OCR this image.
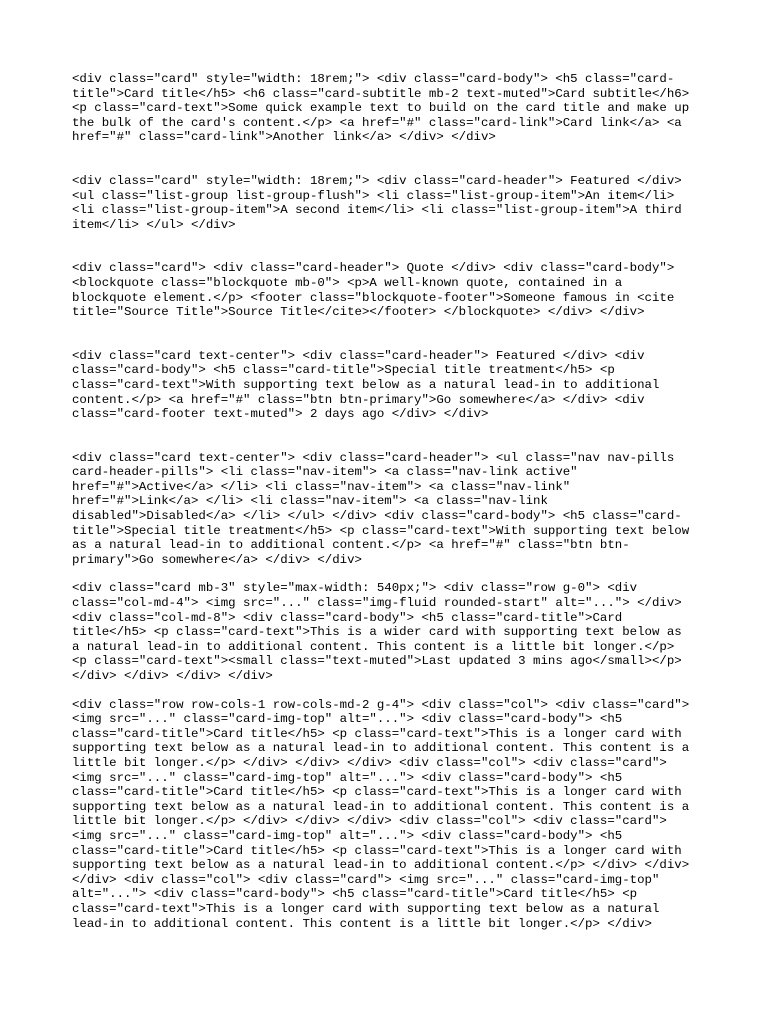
<div class="card" style="width: 18rem;"> <div class="card-body"> <h5 class="card-
title">Card title</h5> <h6 class="card-subtitle mb-2 text-muted">Card subtitle</h6>
<p class="card-text">Some quick example text to build on the card title and make up
the bulk of the card's content.</p> <a href="#" class="card-link">Card link</a> <a
href="#" class="card-link">Another link</a> </div> </div>

<div class="card" style="width: 18rem;"> <div class="card-header"> Featured </div>
<ul class="list-group list-group-flush"> <li class="list-group-item">An item</li>
<li class="list-group-item">A second item</li> <li class="list-group-item">A third
item</li> </ul> </div>

<div class="card"> <div class="card-header"> Quote </div> <div class="card-body">
<blockquote class="blockquote mb-0"> <p>A well-known quote, contained in a
blockquote element.</p> <footer class="blockquote-footer">Someone famous in <cite
title="Source Title">Source Title</cite></footer> </blockquote> </div> </div>

<div class="card text-center"> <div class="card-header"> Featured </div> <div
class="card-body"> <h5 class="card-title">Special title treatment</h5> <p
class="card-text">With supporting text below as a natural lead-in to additional
content.</p> <a href="#" class="btn btn-primary">Go somewhere</a> </div> <div
class="card-footer text-muted"> 2 days ago </div> </div>

<div class="card text-center"> <div class="card-header"> <ul class="nav nav-pills
card-header-pills"> <li class="nav-item"> <a class="nav-link active"
href="#">Active</a> </li> <li class="nav-item"> <a class="nav-link"
href="#">Link</a> </li> <li class="nav-item"> <a class="nav-link
disabled">Disabled</a> </li> </ul> </div> <div class="card-body"> <h5 class="card-
title">Special title treatment</h5> <p class="card-text">With supporting text below
as a natural lead-in to additional content.</p> <a href="#" class="btn btn-
primary">Go somewhere</a> </div> </div>

<div class="card mb-3" style="max-width: 540px;"> <div class="row g-0"> <div
class="col-md-4"> <img src="..." class="img-fluid rounded-start" alt="..."> </div>
<div class="col-md-8"> <div class="card-body"> <h5 class="card-title">Card
title</h5> <p class="card-text">This is a wider card with supporting text below as
a natural lead-in to additional content. This content is a little bit longer.</p>
<p class="card-text"><small class="text-muted">Last updated 3 mins ago</small></p>
</div> </div> </div> </div>

<div class="row row-cols-1 row-cols-md-2 g-4"> <div class="col"> <div class="card">
<img src="..." class="card-img-top" alt="..."> <div class="card-body"> <h5
class="card-title">Card title</h5> <p class="card-text">This is a longer card with
supporting text below as a natural lead-in to additional content. This content is a
little bit longer.</p> </div> </div> </div> <div class="col"> <div class="card">
<img src="..." class="card-img-top" alt="..."> <div class="card-body"> <h5
class="card-title">Card title</h5> <p class="card-text">This is a longer card with
supporting text below as a natural lead-in to additional content. This content is a
little bit longer.</p> </div> </div> </div> <div class="col"> <div class="card">
<img src="..." class="card-img-top" alt="..."> <div class="card-body"> <h5
class="card-title">Card title</h5> <p class="card-text">This is a longer card with
supporting text below as a natural lead-in to additional content.</p> </div> </div>
</div> <div class="col"> <div class="card"> <img src="..." class="card-img-top"
alt="..."> <div class="card-body"> <h5 class="card-title">Card title</h5> <p
class="card-text">This is a longer card with supporting text below as a natural
lead-in to additional content. This content is a little bit longer.</p> </div>
